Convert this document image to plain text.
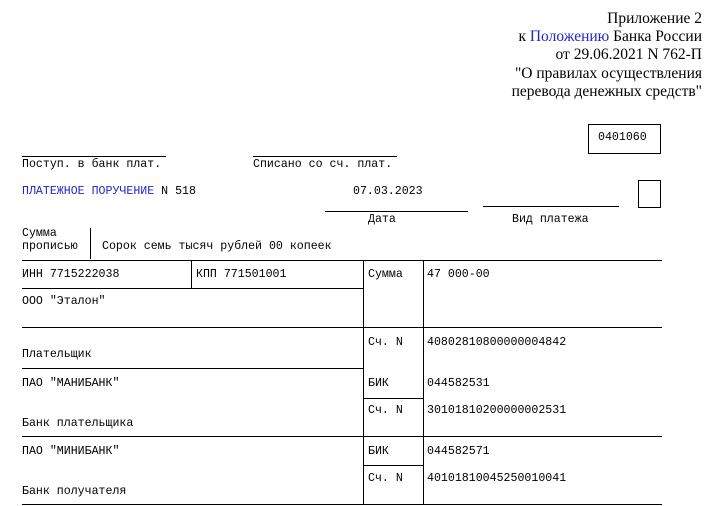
Приложение 2
к Положению Банка России
от 29.06.2021 N 762-П
"О правилах осуществления
перевода денежных средств"
0401060
Поступ. в банк плат.	Списано со сч. плат.
ПЛАТЕЖНОЕ ПОРУЧЕНИЕ N 518	07.03.2023
Дата	Вид платежа
Сумма
прописью Сорок семь тысяч рублей 00 копеек
ИНН 7715222038	КПП 771501001	Сумма 47 000-00
ООО "Эталон"
Сч. N 40802810800000004842
Плательщик
ПАО "МАНИБАНК"	БИК	044582531
Сч. N 30101810200000002531
Банк плательщика
ПАО "МИНИБАНК"	БИК	044582571
Сч. N 40101810045250010041
Банк получателя
